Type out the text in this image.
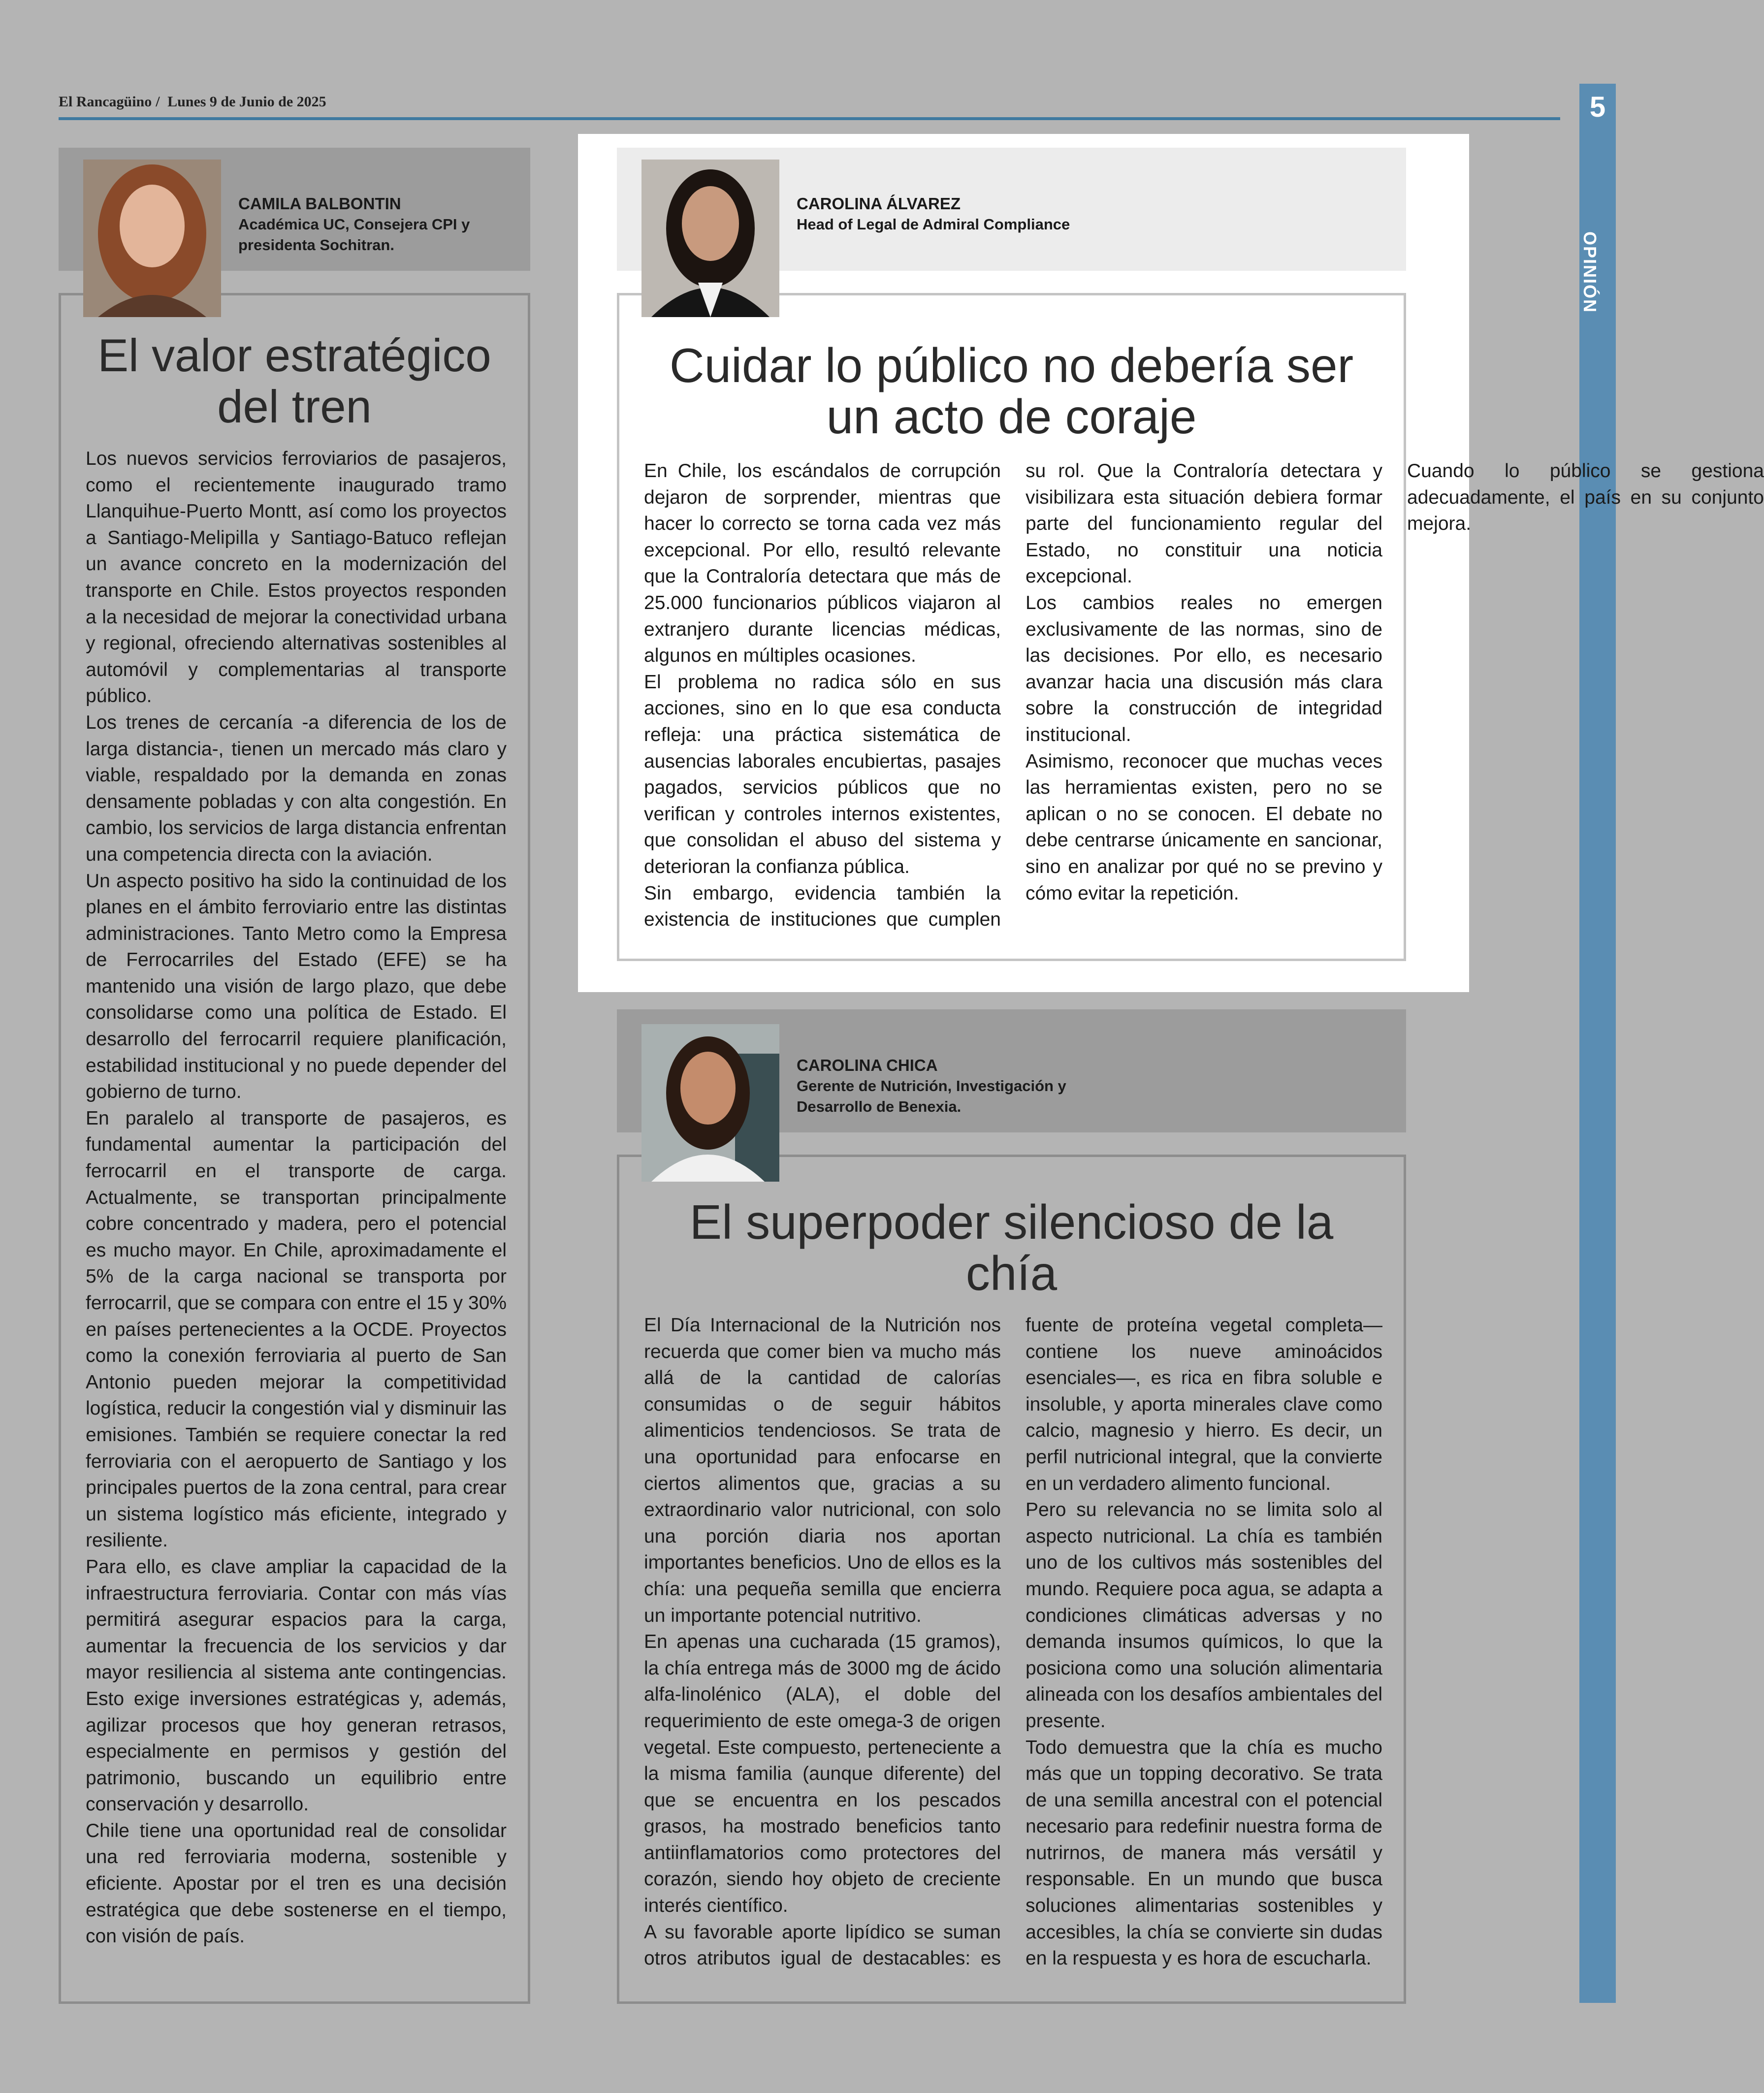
El Rancagüino / Lunes 9 de Junio de 2025	5
OPINIÓN
CAMILA BALBONTIN
Académica UC, Consejera CPI y presidenta Sochitran.
El valor estratégico del tren

Los nuevos servicios ferroviarios de pasajeros, como el recientemente inaugurado tramo Llanquihue-Puerto Montt, así como los proyectos a Santiago-Melipilla y Santiago-Batuco reflejan un avance concreto en la modernización del transporte en Chile. Estos proyectos responden a la necesidad de mejorar la conectividad urbana y regional, ofreciendo alternativas sostenibles al automóvil y complementarias al transporte público.

Los trenes de cercanía -a diferencia de los de larga distancia-, tienen un mercado más claro y viable, respaldado por la demanda en zonas densamente pobladas y con alta congestión. En cambio, los servicios de larga distancia enfrentan una competencia directa con la aviación.

Un aspecto positivo ha sido la continuidad de los planes en el ámbito ferroviario entre las distintas administraciones. Tanto Metro como la Empresa de Ferrocarriles del Estado (EFE) se ha mantenido una visión de largo plazo, que debe consolidarse como una política de Estado. El desarrollo del ferrocarril requiere planificación, estabilidad institucional y no puede depender del gobierno de turno.

En paralelo al transporte de pasajeros, es fundamental aumentar la participación del ferrocarril en el transporte de carga. Actualmente, se transportan principalmente cobre concentrado y madera, pero el potencial es mucho mayor. En Chile, aproximadamente el 5% de la carga nacional se transporta por ferrocarril, que se compara con entre el 15 y 30% en países pertenecientes a la OCDE. Proyectos como la conexión ferroviaria al puerto de San Antonio pueden mejorar la competitividad logística, reducir la congestión vial y disminuir las emisiones. También se requiere conectar la red ferroviaria con el aeropuerto de Santiago y los principales puertos de la zona central, para crear un sistema logístico más eficiente, integrado y resiliente.

Para ello, es clave ampliar la capacidad de la infraestructura ferroviaria. Contar con más vías permitirá asegurar espacios para la carga, aumentar la frecuencia de los servicios y dar mayor resiliencia al sistema ante contingencias. Esto exige inversiones estratégicas y, además, agilizar procesos que hoy generan retrasos, especialmente en permisos y gestión del patrimonio, buscando un equilibrio entre conservación y desarrollo.

Chile tiene una oportunidad real de consolidar una red ferroviaria moderna, sostenible y eficiente. Apostar por el tren es una decisión estratégica que debe sostenerse en el tiempo, con visión de país.

CAROLINA ÁLVAREZ
Head of Legal de Admiral Compliance
Cuidar lo público no debería ser un acto de coraje

En Chile, los escándalos de corrupción dejaron de sorprender, mientras que hacer lo correcto se torna cada vez más excepcional. Por ello, resultó relevante que la Contraloría detectara que más de 25.000 funcionarios públicos viajaron al extranjero durante licencias médicas, algunos en múltiples ocasiones.

El problema no radica sólo en sus acciones, sino en lo que esa conducta refleja: una práctica sistemática de ausencias laborales encubiertas, pasajes pagados, servicios públicos que no verifican y controles internos existentes, que consolidan el abuso del sistema y deterioran la confianza pública.

Sin embargo, evidencia también la existencia de instituciones que cumplen su rol. Que la Contraloría detectara y visibilizara esta situación debiera formar parte del funcionamiento regular del Estado, no constituir una noticia excepcional.

Los cambios reales no emergen exclusivamente de las normas, sino de las decisiones. Por ello, es necesario avanzar hacia una discusión más clara sobre la construcción de integridad institucional.

Asimismo, reconocer que muchas veces las herramientas existen, pero no se aplican o no se conocen. El debate no debe centrarse únicamente en sancionar, sino en analizar por qué no se previno y cómo evitar la repetición.

Cuando lo público se gestiona adecuadamente, el país en su conjunto mejora.

CAROLINA CHICA
Gerente de Nutrición, Investigación y Desarrollo de Benexia.
El superpoder silencioso de la chía

El Día Internacional de la Nutrición nos recuerda que comer bien va mucho más allá de la cantidad de calorías consumidas o de seguir hábitos alimenticios tendenciosos. Se trata de una oportunidad para enfocarse en ciertos alimentos que, gracias a su extraordinario valor nutricional, con solo una porción diaria nos aportan importantes beneficios. Uno de ellos es la chía: una pequeña semilla que encierra un importante potencial nutritivo.

En apenas una cucharada (15 gramos), la chía entrega más de 3000 mg de ácido alfa-linolénico (ALA), el doble del requerimiento de este omega-3 de origen vegetal. Este compuesto, perteneciente a la misma familia (aunque diferente) del que se encuentra en los pescados grasos, ha mostrado beneficios tanto antiinflamatorios como protectores del corazón, siendo hoy objeto de creciente interés científico.

A su favorable aporte lipídico se suman otros atributos igual de destacables: es fuente de proteína vegetal completa—contiene los nueve aminoácidos esenciales—, es rica en fibra soluble e insoluble, y aporta minerales clave como calcio, magnesio y hierro. Es decir, un perfil nutricional integral, que la convierte en un verdadero alimento funcional.

Pero su relevancia no se limita solo al aspecto nutricional. La chía es también uno de los cultivos más sostenibles del mundo. Requiere poca agua, se adapta a condiciones climáticas adversas y no demanda insumos químicos, lo que la posiciona como una solución alimentaria alineada con los desafíos ambientales del presente.

Todo demuestra que la chía es mucho más que un topping decorativo. Se trata de una semilla ancestral con el potencial necesario para redefinir nuestra forma de nutrirnos, de manera más versátil y responsable. En un mundo que busca soluciones alimentarias sostenibles y accesibles, la chía se convierte sin dudas en la respuesta y es hora de escucharla.
